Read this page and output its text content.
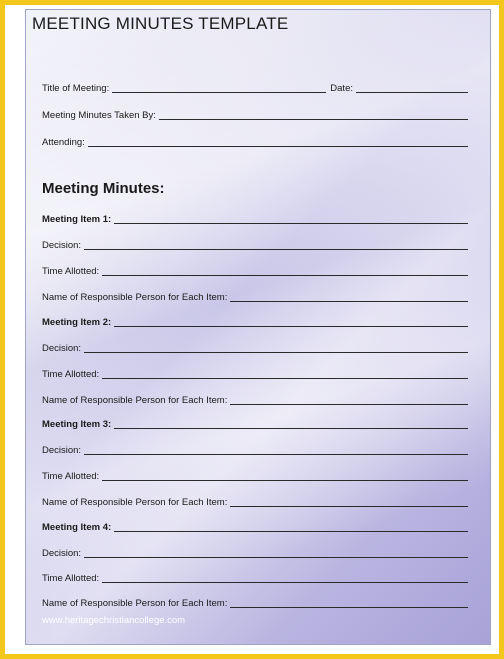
MEETING MINUTES TEMPLATE
Title of Meeting:	Date:
Meeting Minutes Taken By:
Attending:
Meeting Minutes:
Meeting Item 1:
Decision:
Time Allotted:
Name of Responsible Person for Each Item:
Meeting Item 2:
Decision:
Time Allotted:
Name of Responsible Person for Each Item:
Meeting Item 3:
Decision:
Time Allotted:
Name of Responsible Person for Each Item:
Meeting Item 4:
Decision:
Time Allotted:
Name of Responsible Person for Each Item:
www.heritagechristiancollege.com
